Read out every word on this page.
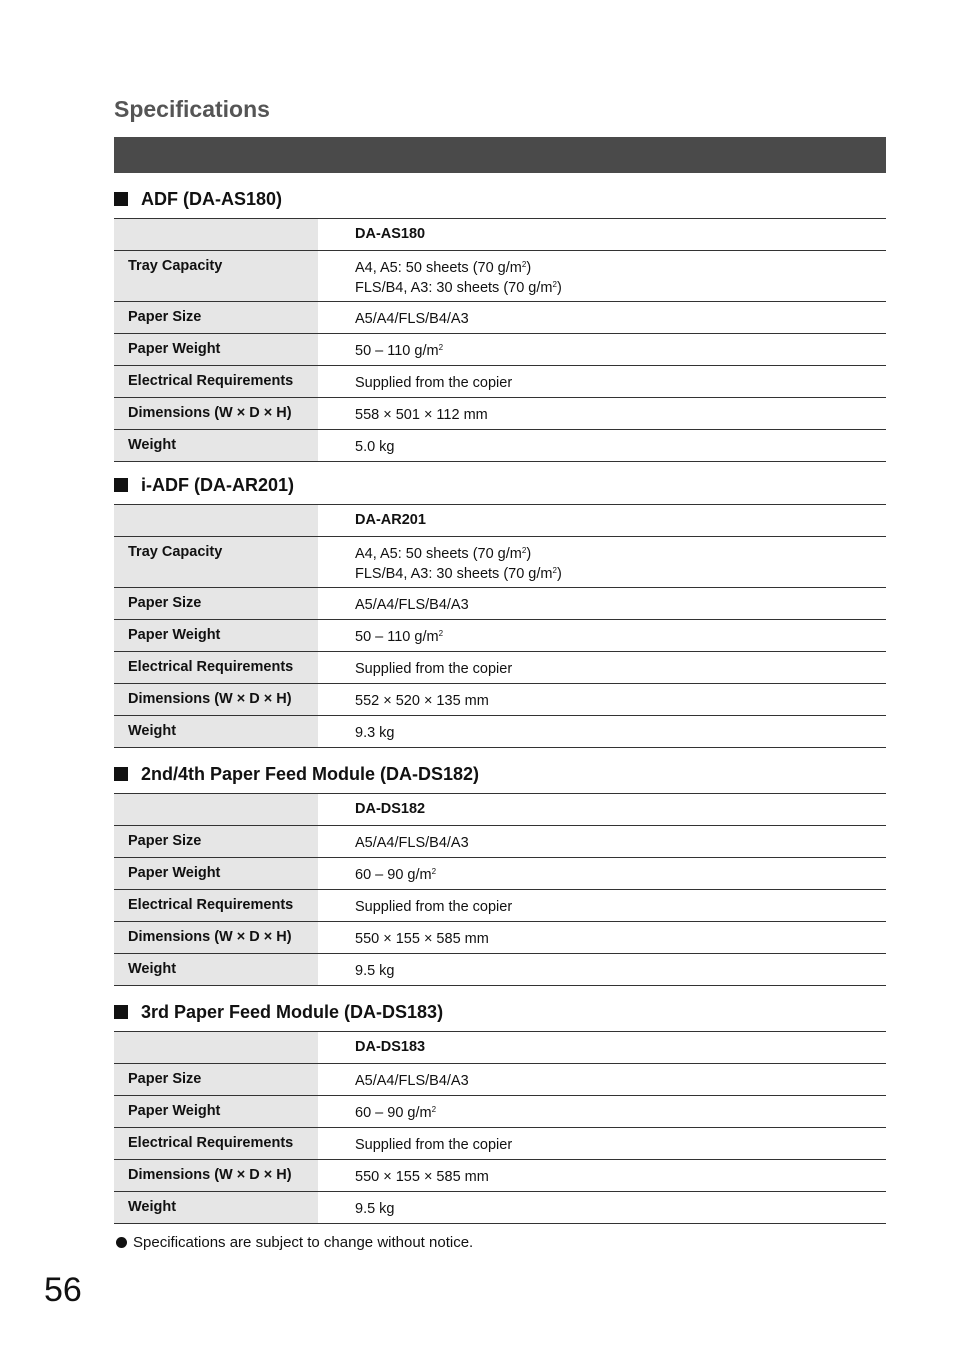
Specifications
ADF (DA-AS180)
	DA-AS180
Tray Capacity	A4, A5: 50 sheets (70 $g/m^2$)
FLS/B4, A3: 30 sheets (70 $g/m^2$)

Paper Size	A5/A4/FLS/B4/A3

Paper Weight	50 – 110 $g/m^2$

Electrical Requirements	Supplied from the copier

Dimensions (W × D × H)	558 × 501 × 112 mm

Weight	5.0 kg
i-ADF (DA-AR201)
	DA-AR201
Tray Capacity	A4, A5: 50 sheets (70 $g/m^2$)
FLS/B4, A3: 30 sheets (70 $g/m^2$)

Paper Size	A5/A4/FLS/B4/A3

Paper Weight	50 – 110 $g/m^2$

Electrical Requirements	Supplied from the copier

Dimensions (W × D × H)	552 × 520 × 135 mm

Weight	9.3 kg
2nd/4th Paper Feed Module (DA-DS182)
	DA-DS182
Paper Size	A5/A4/FLS/B4/A3

Paper Weight	60 – 90 $g/m^2$

Electrical Requirements	Supplied from the copier

Dimensions (W × D × H)	550 × 155 × 585 mm

Weight	9.5 kg
3rd Paper Feed Module (DA-DS183)
	DA-DS183
Paper Size	A5/A4/FLS/B4/A3

Paper Weight	60 – 90 $g/m^2$

Electrical Requirements	Supplied from the copier

Dimensions (W × D × H)	550 × 155 × 585 mm

Weight	9.5 kg
Specifications are subject to change without notice.
56
